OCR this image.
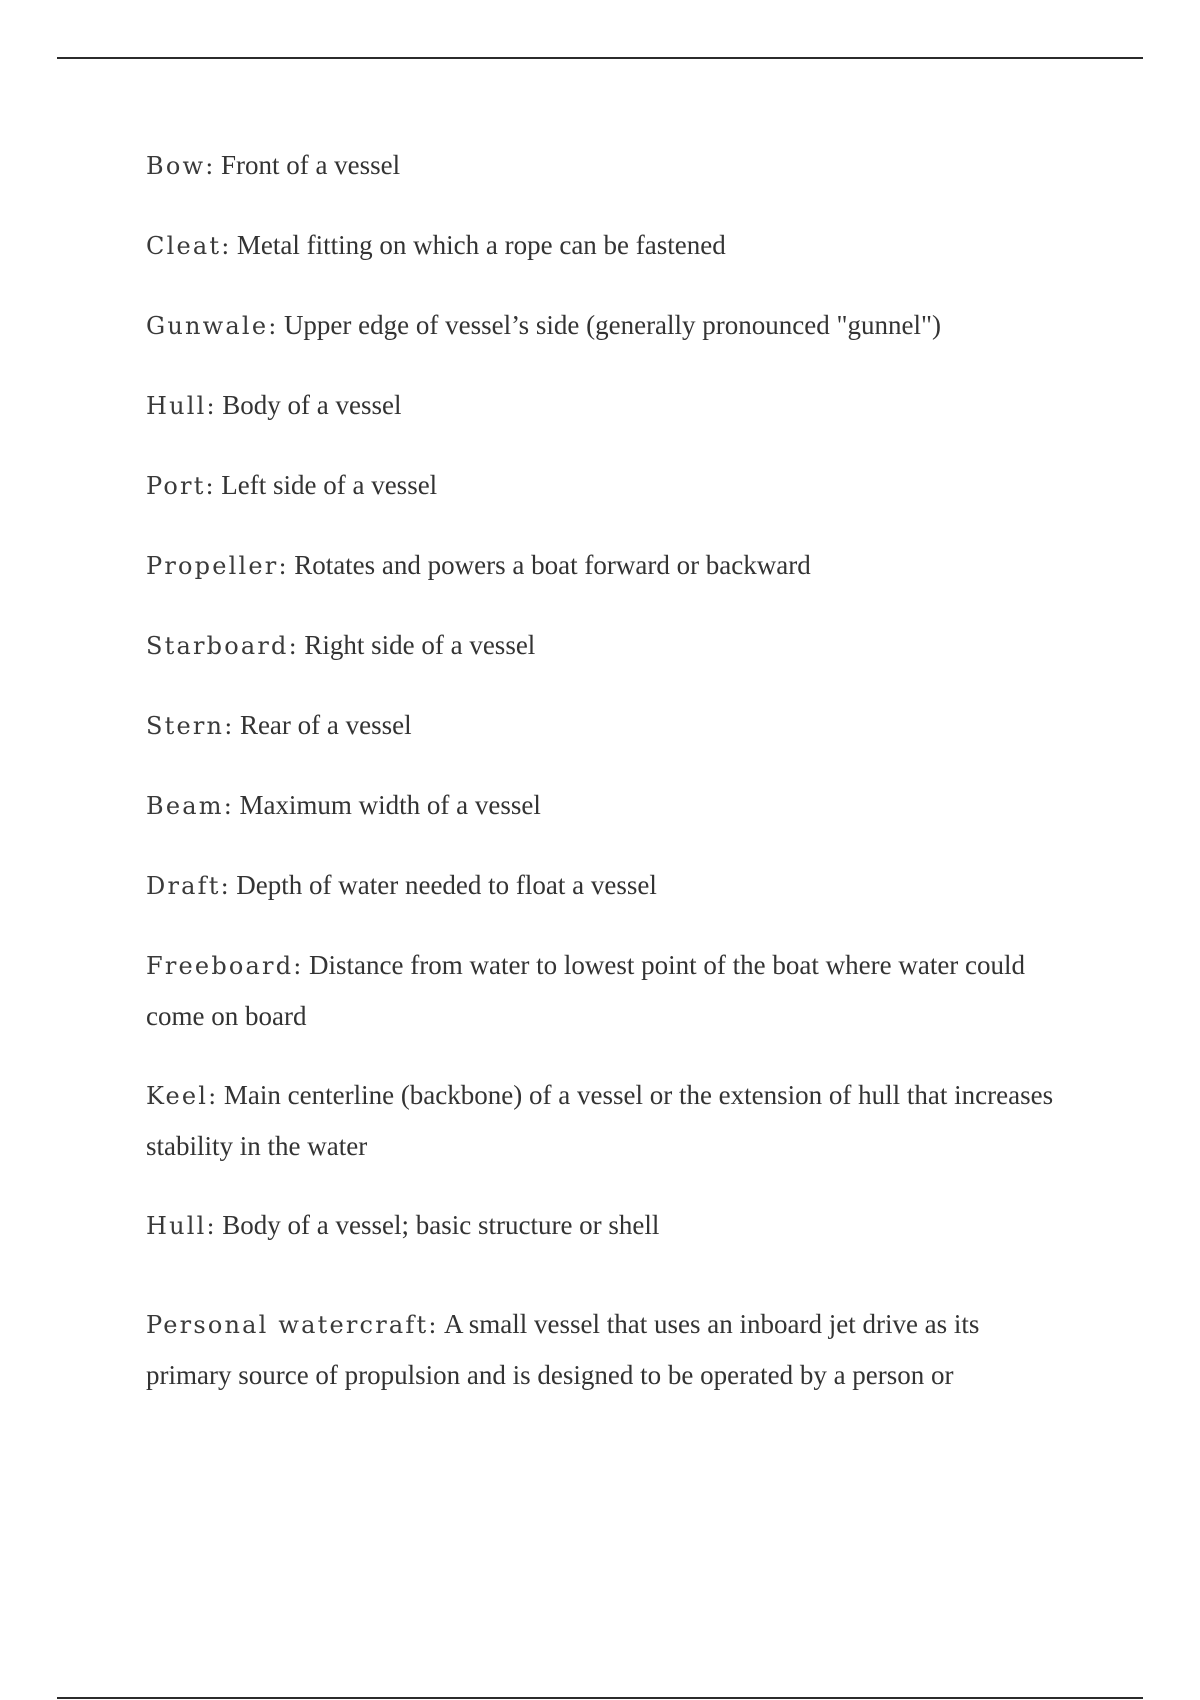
Bow: Front of a vessel

Cleat: Metal fitting on which a rope can be fastened

Gunwale: Upper edge of vessel’s side (generally pronounced "gunnel")

Hull: Body of a vessel

Port: Left side of a vessel

Propeller: Rotates and powers a boat forward or backward

Starboard: Right side of a vessel

Stern: Rear of a vessel

Beam: Maximum width of a vessel

Draft: Depth of water needed to float a vessel

Freeboard: Distance from water to lowest point of the boat where water could come on board

Keel: Main centerline (backbone) of a vessel or the extension of hull that increases stability in the water

Hull: Body of a vessel; basic structure or shell

Personal watercraft: A small vessel that uses an inboard jet drive as its primary source of propulsion and is designed to be operated by a person or
